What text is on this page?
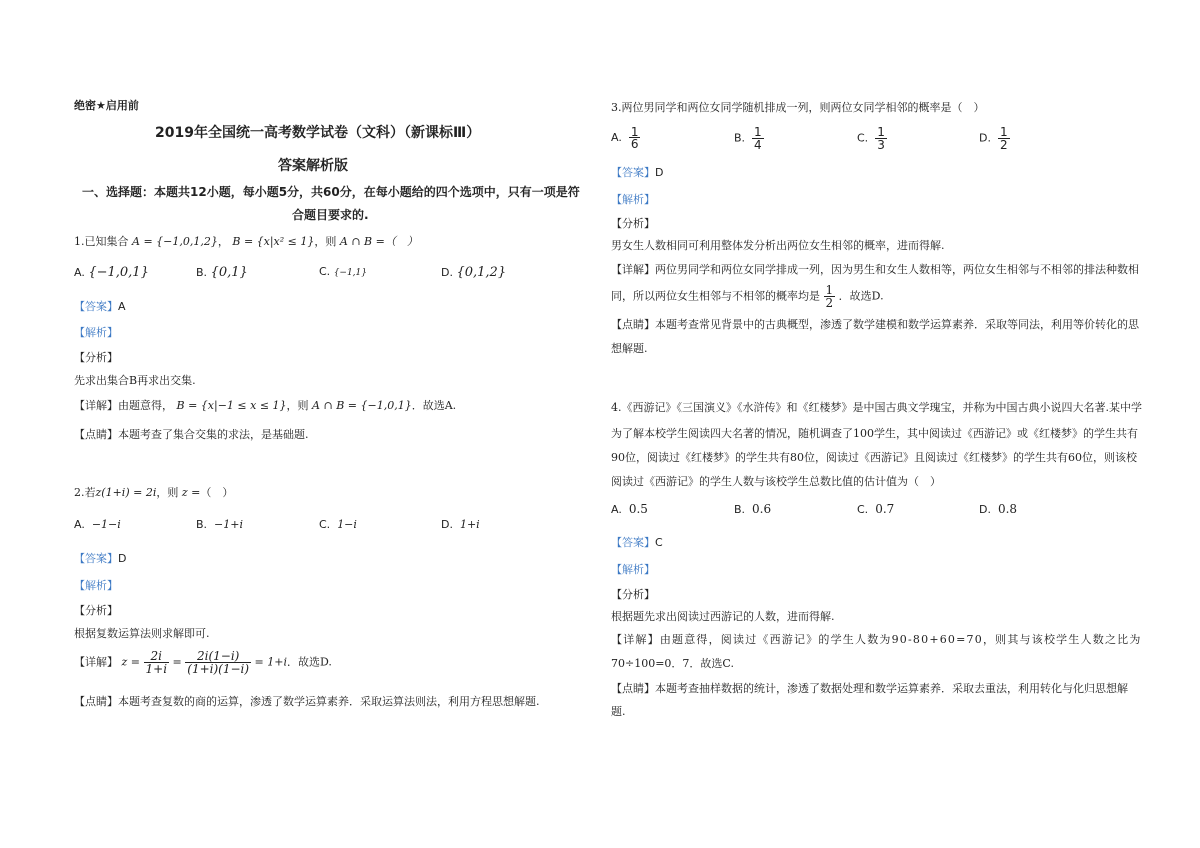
绝密★启用前
2019年全国统一高考数学试卷（文科）（新课标Ⅲ）
答案解析版
一、选择题：本题共12小题，每小题5分，共60分，在每小题给的四个选项中，只有一项是符
合题目要求的.
1.已知集合 A = {−1,0,1,2}， B = {x|x² ≤ 1}，则 A ∩ B =（　）
A. {−1,0,1}	B. {0,1}	C. {−1,1}	D. {0,1,2}
【答案】A
【解析】
【分析】
先求出集合B再求出交集.
【详解】由题意得， B = {x|−1 ≤ x ≤ 1}，则 A ∩ B = {−1,0,1}．故选A.
【点睛】本题考查了集合交集的求法，是基础题.
2.若z(1+i) = 2i，则 z =（　）
A. −1−i	B. −1+i	C. 1−i	D. 1+i
【答案】D
【解析】
【分析】
根据复数运算法则求解即可.
【详解】 $z = \frac{2i}{1+i} = \frac{2i(1-i)}{(1+i)(1-i)} = 1+i$．故选D.
【点睛】本题考查复数的商的运算，渗透了数学运算素养．采取运算法则法，利用方程思想解题.
3.两位男同学和两位女同学随机排成一列，则两位女同学相邻的概率是（　）
A. $\frac{1}{6}$	B. $\frac{1}{4}$	C. $\frac{1}{3}$	D. $\frac{1}{2}$
【答案】D
【解析】
【分析】
男女生人数相同可利用整体发分析出两位女生相邻的概率，进而得解.
【详解】两位男同学和两位女同学排成一列，因为男生和女生人数相等，两位女生相邻与不相邻的排法种数相
同，所以两位女生相邻与不相邻的概率均是 $\frac{1}{2}$ ．故选D.
【点睛】本题考查常见背景中的古典概型，渗透了数学建模和数学运算素养．采取等同法，利用等价转化的思
想解题.
4.《西游记》《三国演义》《水浒传》和《红楼梦》是中国古典文学瑰宝，并称为中国古典小说四大名著.某中学
为了解本校学生阅读四大名著的情况，随机调查了100学生，其中阅读过《西游记》或《红楼梦》的学生共有
90位，阅读过《红楼梦》的学生共有80位，阅读过《西游记》且阅读过《红楼梦》的学生共有60位，则该校
阅读过《西游记》的学生人数与该校学生总数比值的估计值为（　）
A. 0.5	B. 0.6	C. 0.7	D. 0.8
【答案】C
【解析】
【分析】
根据题先求出阅读过西游记的人数，进而得解.
【详解】由题意得，阅读过《西游记》的学生人数为90-80+60=70，则其与该校学生人数之比为
70÷100=0．7．故选C.
【点睛】本题考查抽样数据的统计，渗透了数据处理和数学运算素养．采取去重法，利用转化与化归思想解
题.
